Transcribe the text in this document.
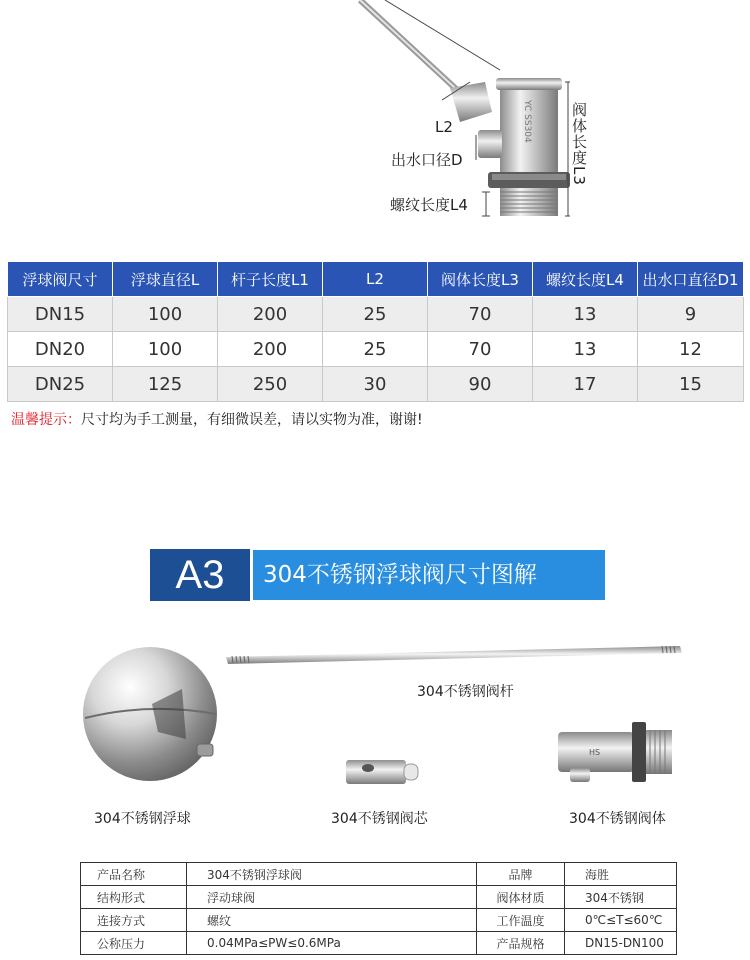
YC SS304
L2
出水口径D
螺纹长度L4
阀体长度L3
浮球阀尺寸	浮球直径L	杆子长度L1	L2	阀体长度L3	螺纹长度L4	出水口直径D1
DN15	100	200	25	70	13	9
DN20	100	200	25	70	13	12
DN25	125	250	30	90	17	15
温馨提示：尺寸均为手工测量，有细微误差，请以实物为准，谢谢!
A3	304不锈钢浮球阀尺寸图解
304不锈钢阀杆
304不锈钢浮球	304不锈钢阀芯
HS
304不锈钢阀体
产品名称	304不锈钢浮球阀	品牌	海胜
结构形式	浮动球阀	阀体材质	304不锈钢
连接方式	螺纹	工作温度	0℃≤T≤60℃
公称压力	0.04MPa≤PW≤0.6MPa	产品规格	DN15-DN100
